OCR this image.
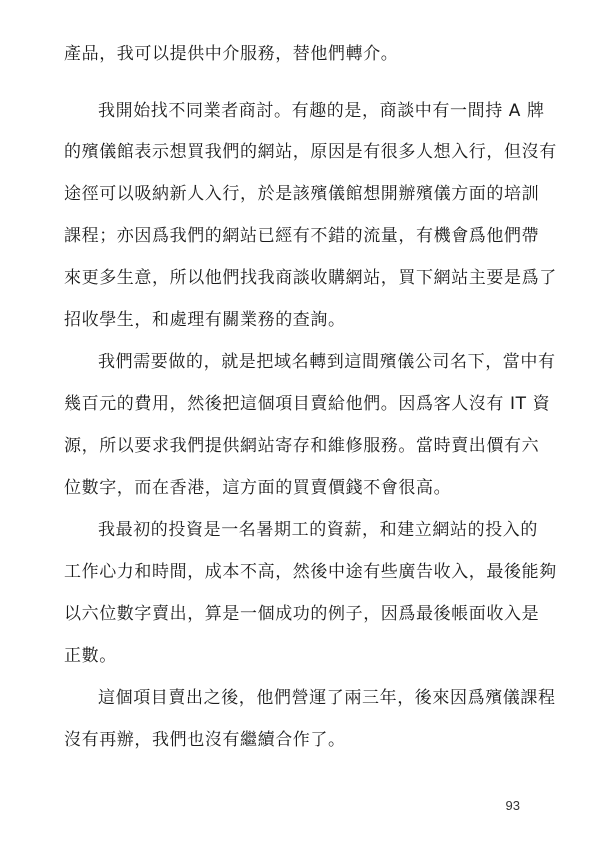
產品，我可以提供中介服務，替他們轉介。
我開始找不同業者商討。有趣的是，商談中有一間持 A 牌
的殯儀館表示想買我們的網站，原因是有很多人想入行，但沒有
途徑可以吸納新人入行，於是該殯儀館想開辦殯儀方面的培訓
課程；亦因爲我們的網站已經有不錯的流量，有機會爲他們帶
來更多生意，所以他們找我商談收購網站，買下網站主要是爲了
招收學生，和處理有關業務的查詢。
我們需要做的，就是把域名轉到這間殯儀公司名下，當中有
幾百元的費用，然後把這個項目賣給他們。因爲客人沒有 IT 資
源，所以要求我們提供網站寄存和維修服務。當時賣出價有六
位數字，而在香港，這方面的買賣價錢不會很高。
我最初的投資是一名暑期工的資薪，和建立網站的投入的
工作心力和時間，成本不高，然後中途有些廣告收入，最後能夠
以六位數字賣出，算是一個成功的例子，因爲最後帳面收入是
正數。
這個項目賣出之後，他們營運了兩三年，後來因爲殯儀課程
沒有再辦，我們也沒有繼續合作了。
93
